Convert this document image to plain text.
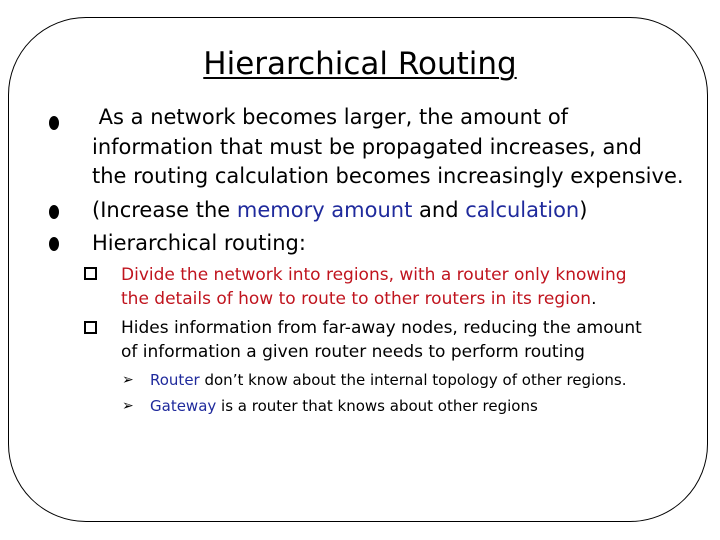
Hierarchical Routing
As a network becomes larger, the amount of
information that must be propagated increases, and
the routing calculation becomes increasingly expensive.
(Increase the memory amount and calculation)
Hierarchical routing:
Divide the network into regions, with a router only knowing
the details of how to route to other routers in its region.
Hides information from far-away nodes, reducing the amount
of information a given router needs to perform routing
➢ Router don’t know about the internal topology of other regions.
➢ Gateway is a router that knows about other regions
